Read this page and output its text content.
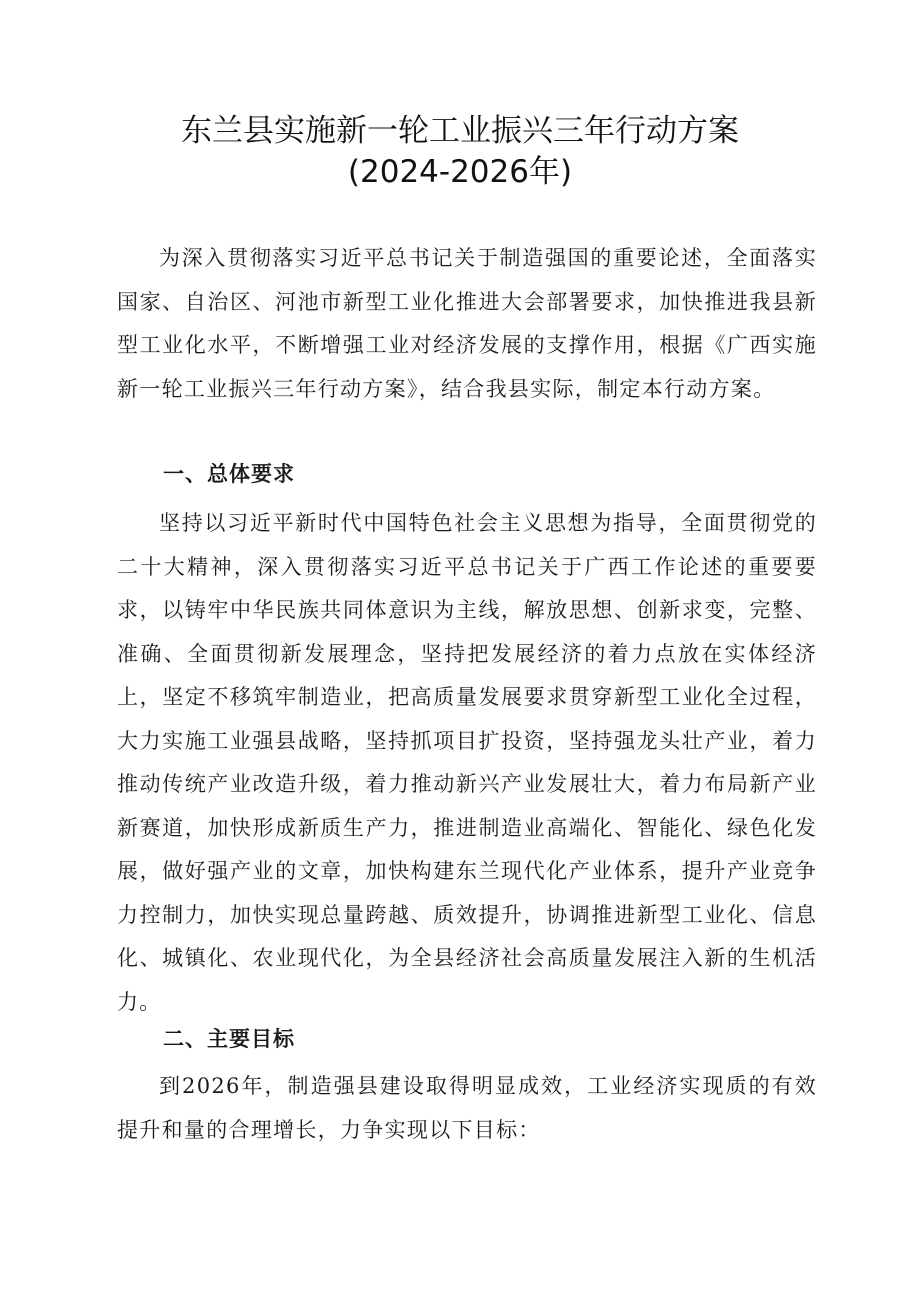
东兰县实施新一轮工业振兴三年行动方案
(2024-2026年)

为深入贯彻落实习近平总书记关于制造强国的重要论述，全面落实国家、自治区、河池市新型工业化推进大会部署要求，加快推进我县新型工业化水平，不断增强工业对经济发展的支撑作用，根据《广西实施新一轮工业振兴三年行动方案》，结合我县实际，制定本行动方案。

一、总体要求

坚持以习近平新时代中国特色社会主义思想为指导，全面贯彻党的二十大精神，深入贯彻落实习近平总书记关于广西工作论述的重要要求，以铸牢中华民族共同体意识为主线，解放思想、创新求变，完整、准确、全面贯彻新发展理念，坚持把发展经济的着力点放在实体经济上，坚定不移筑牢制造业，把高质量发展要求贯穿新型工业化全过程，大力实施工业强县战略，坚持抓项目扩投资，坚持强龙头壮产业，着力推动传统产业改造升级，着力推动新兴产业发展壮大，着力布局新产业新赛道，加快形成新质生产力，推进制造业高端化、智能化、绿色化发展，做好强产业的文章，加快构建东兰现代化产业体系，提升产业竞争力控制力，加快实现总量跨越、质效提升，协调推进新型工业化、信息化、城镇化、农业现代化，为全县经济社会高质量发展注入新的生机活力。

二、主要目标

到2026年，制造强县建设取得明显成效，工业经济实现质的有效提升和量的合理增长，力争实现以下目标：
